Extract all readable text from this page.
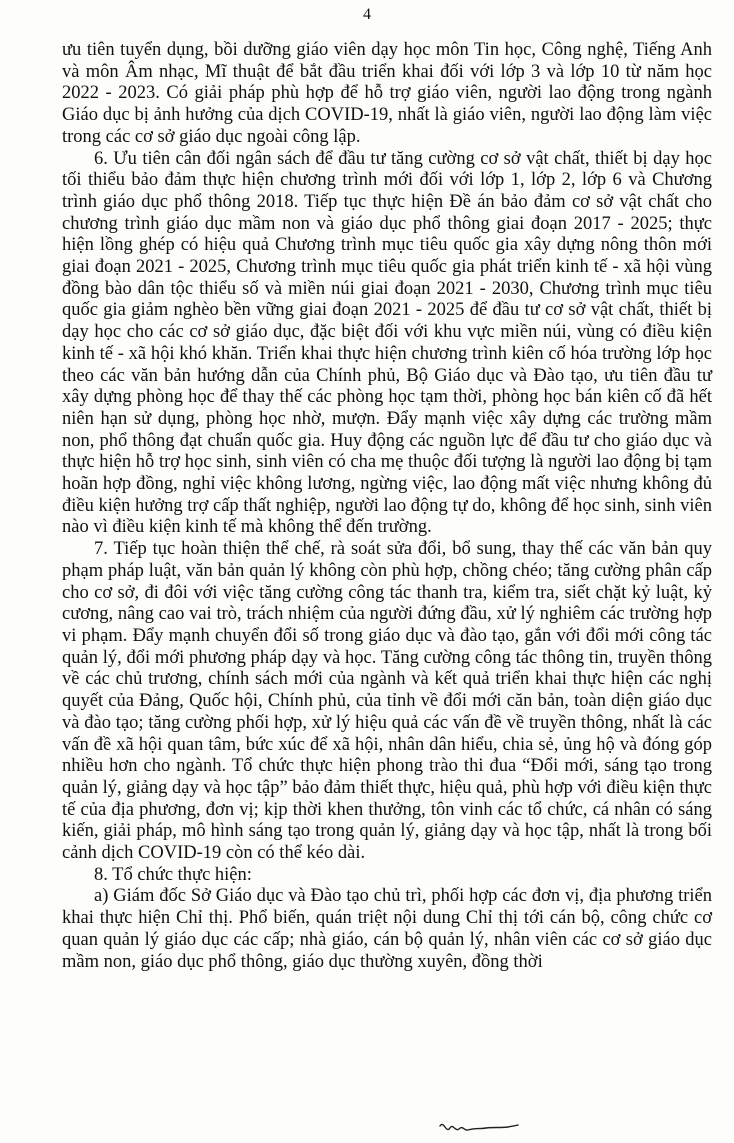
4

ưu tiên tuyển dụng, bồi dưỡng giáo viên dạy học môn Tin học, Công nghệ, Tiếng Anh và môn Âm nhạc, Mĩ thuật để bắt đầu triển khai đối với lớp 3 và lớp 10 từ năm học 2022 - 2023. Có giải pháp phù hợp để hỗ trợ giáo viên, người lao động trong ngành Giáo dục bị ảnh hưởng của dịch COVID-19, nhất là giáo viên, người lao động làm việc trong các cơ sở giáo dục ngoài công lập.

6. Ưu tiên cân đối ngân sách để đầu tư tăng cường cơ sở vật chất, thiết bị dạy học tối thiểu bảo đảm thực hiện chương trình mới đối với lớp 1, lớp 2, lớp 6 và Chương trình giáo dục phổ thông 2018. Tiếp tục thực hiện Đề án bảo đảm cơ sở vật chất cho chương trình giáo dục mầm non và giáo dục phổ thông giai đoạn 2017 - 2025; thực hiện lồng ghép có hiệu quả Chương trình mục tiêu quốc gia xây dựng nông thôn mới giai đoạn 2021 - 2025, Chương trình mục tiêu quốc gia phát triển kinh tế - xã hội vùng đồng bào dân tộc thiểu số và miền núi giai đoạn 2021 - 2030, Chương trình mục tiêu quốc gia giảm nghèo bền vững giai đoạn 2021 - 2025 để đầu tư cơ sở vật chất, thiết bị dạy học cho các cơ sở giáo dục, đặc biệt đối với khu vực miền núi, vùng có điều kiện kinh tế - xã hội khó khăn. Triển khai thực hiện chương trình kiên cố hóa trường lớp học theo các văn bản hướng dẫn của Chính phủ, Bộ Giáo dục và Đào tạo, ưu tiên đầu tư xây dựng phòng học để thay thế các phòng học tạm thời, phòng học bán kiên cố đã hết niên hạn sử dụng, phòng học nhờ, mượn. Đẩy mạnh việc xây dựng các trường mầm non, phổ thông đạt chuẩn quốc gia. Huy động các nguồn lực để đầu tư cho giáo dục và thực hiện hỗ trợ học sinh, sinh viên có cha mẹ thuộc đối tượng là người lao động bị tạm hoãn hợp đồng, nghỉ việc không lương, ngừng việc, lao động mất việc nhưng không đủ điều kiện hưởng trợ cấp thất nghiệp, người lao động tự do, không để học sinh, sinh viên nào vì điều kiện kinh tế mà không thể đến trường.

7. Tiếp tục hoàn thiện thể chế, rà soát sửa đổi, bổ sung, thay thế các văn bản quy phạm pháp luật, văn bản quản lý không còn phù hợp, chồng chéo; tăng cường phân cấp cho cơ sở, đi đôi với việc tăng cường công tác thanh tra, kiểm tra, siết chặt kỷ luật, kỷ cương, nâng cao vai trò, trách nhiệm của người đứng đầu, xử lý nghiêm các trường hợp vi phạm. Đẩy mạnh chuyển đổi số trong giáo dục và đào tạo, gắn với đổi mới công tác quản lý, đổi mới phương pháp dạy và học. Tăng cường công tác thông tin, truyền thông về các chủ trương, chính sách mới của ngành và kết quả triển khai thực hiện các nghị quyết của Đảng, Quốc hội, Chính phủ, của tỉnh về đổi mới căn bản, toàn diện giáo dục và đào tạo; tăng cường phối hợp, xử lý hiệu quả các vấn đề về truyền thông, nhất là các vấn đề xã hội quan tâm, bức xúc để xã hội, nhân dân hiểu, chia sẻ, ủng hộ và đóng góp nhiều hơn cho ngành. Tổ chức thực hiện phong trào thi đua “Đổi mới, sáng tạo trong quản lý, giảng dạy và học tập” bảo đảm thiết thực, hiệu quả, phù hợp với điều kiện thực tế của địa phương, đơn vị; kịp thời khen thưởng, tôn vinh các tổ chức, cá nhân có sáng kiến, giải pháp, mô hình sáng tạo trong quản lý, giảng dạy và học tập, nhất là trong bối cảnh dịch COVID-19 còn có thể kéo dài.

8. Tổ chức thực hiện:

a) Giám đốc Sở Giáo dục và Đào tạo chủ trì, phối hợp các đơn vị, địa phương triển khai thực hiện Chỉ thị. Phổ biến, quán triệt nội dung Chỉ thị tới cán bộ, công chức cơ quan quản lý giáo dục các cấp; nhà giáo, cán bộ quản lý, nhân viên các cơ sở giáo dục mầm non, giáo dục phổ thông, giáo dục thường xuyên, đồng thời
